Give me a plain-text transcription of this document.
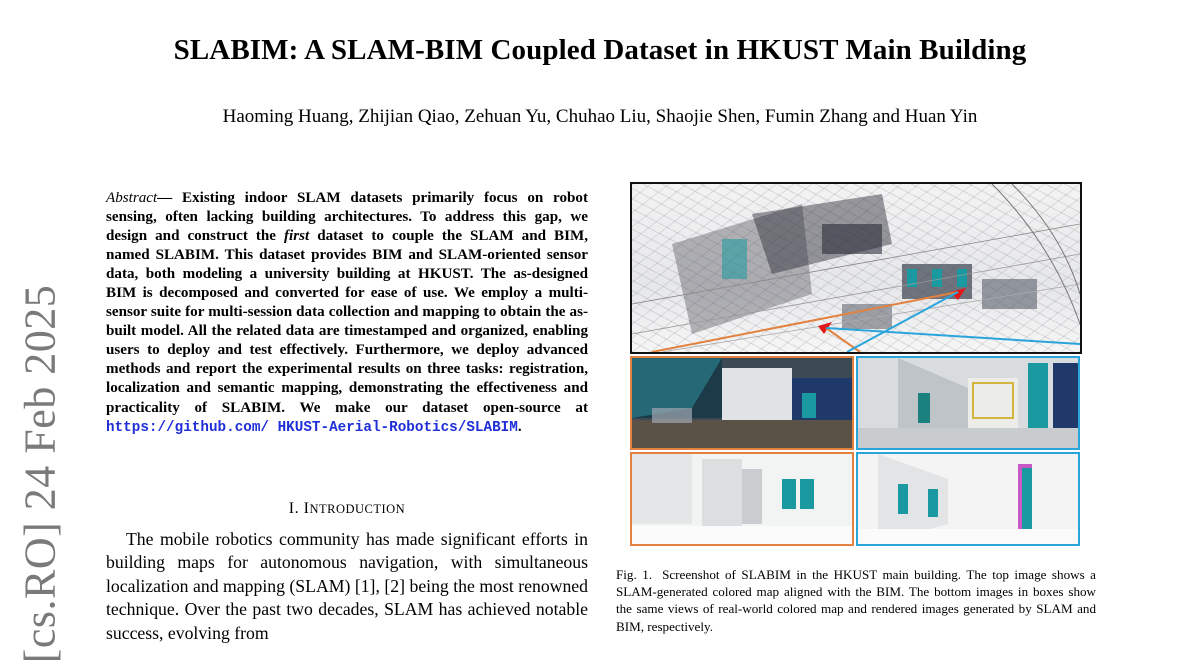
[cs.RO] 24 Feb 2025
SLABIM: A SLAM-BIM Coupled Dataset in HKUST Main Building
Haoming Huang, Zhijian Qiao, Zehuan Yu, Chuhao Liu, Shaojie Shen, Fumin Zhang and Huan Yin
Abstract— Existing indoor SLAM datasets primarily focus on robot sensing, often lacking building architectures. To address this gap, we design and construct the first dataset to couple the SLAM and BIM, named SLABIM. This dataset provides BIM and SLAM-oriented sensor data, both modeling a university building at HKUST. The as-designed BIM is decomposed and converted for ease of use. We employ a multi-sensor suite for multi-session data collection and mapping to obtain the as-built model. All the related data are timestamped and organized, enabling users to deploy and test effectively. Furthermore, we deploy advanced methods and report the experimental results on three tasks: registration, localization and semantic mapping, demonstrating the effectiveness and practicality of SLABIM. We make our dataset open-source at https://github.com/ HKUST-Aerial-Robotics/SLABIM.
I. INTRODUCTION
The mobile robotics community has made significant efforts in building maps for autonomous navigation, with simultaneous localization and mapping (SLAM) [1], [2] being the most renowned technique. Over the past two decades, SLAM has achieved notable success, evolving from
Fig. 1. Screenshot of SLABIM in the HKUST main building. The top image shows a SLAM-generated colored map aligned with the BIM. The bottom images in boxes show the same views of real-world colored map and rendered images generated by SLAM and BIM, respectively.
